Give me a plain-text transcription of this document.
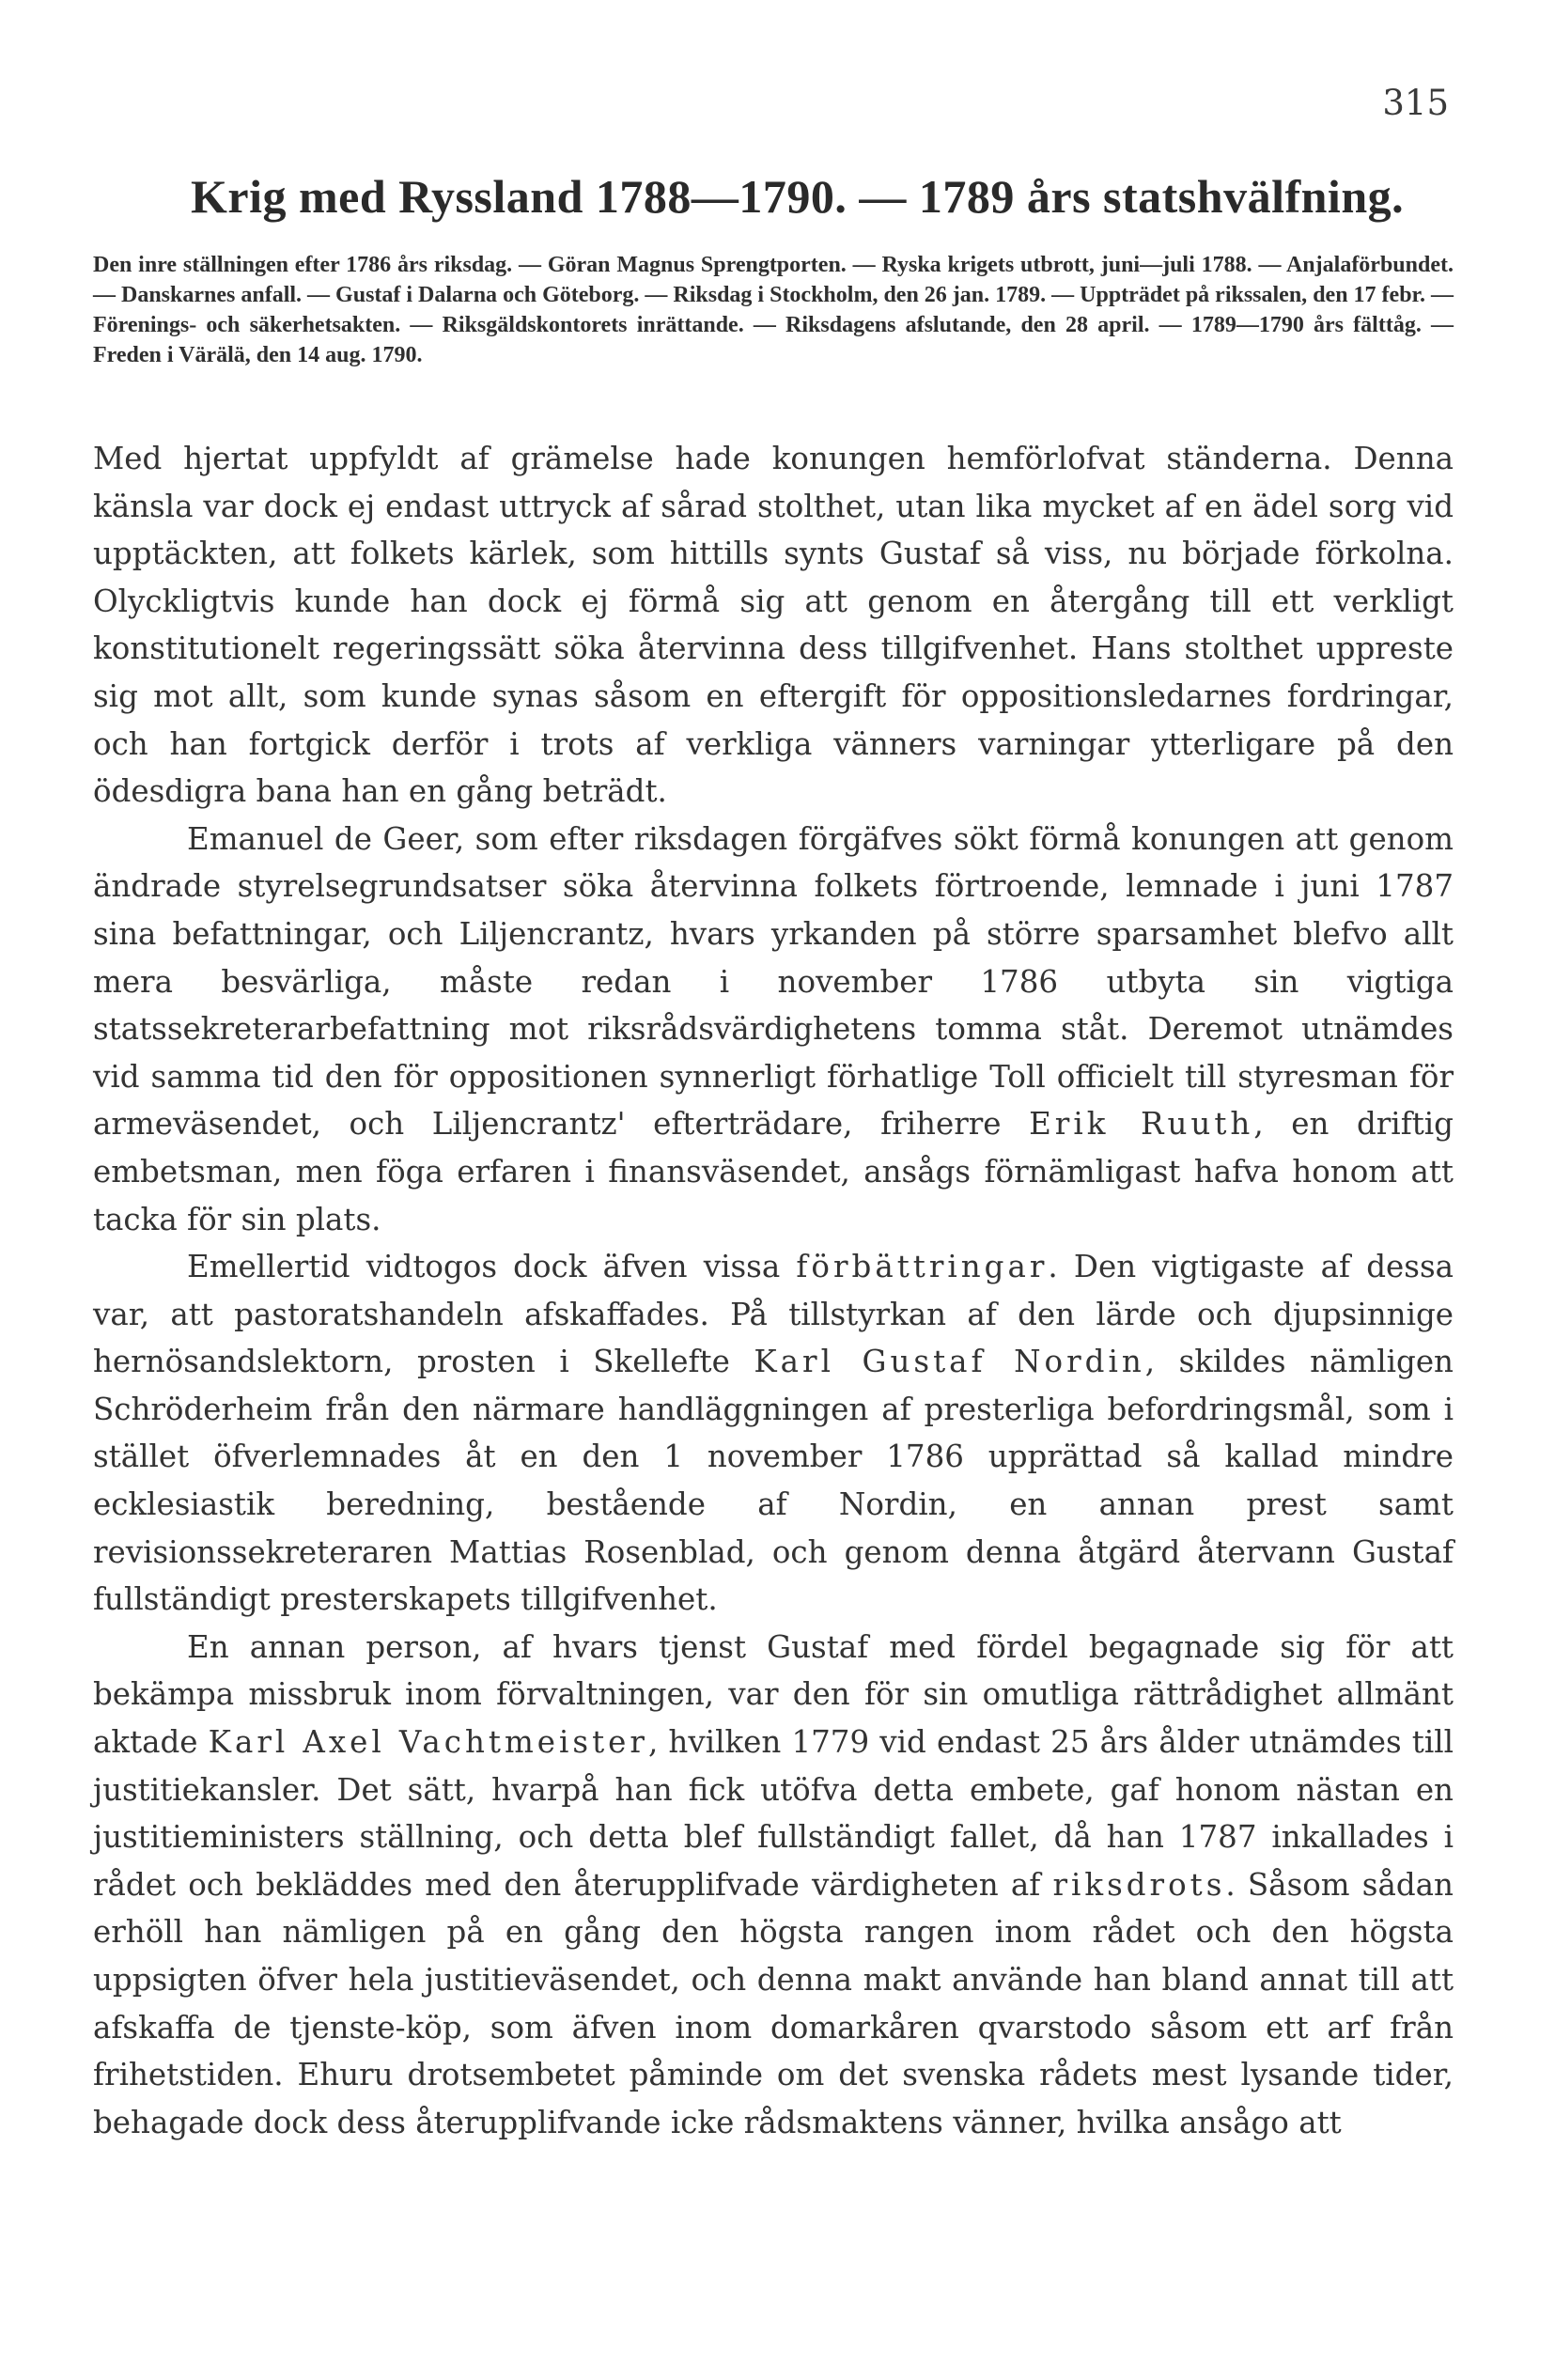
315
Krig med Ryssland 1788—1790. — 1789 års statshvälfning.
Den inre ställningen efter 1786 års riksdag. — Göran Magnus Sprengtporten. — Ryska krigets utbrott, juni—juli 1788. — Anjalaförbundet. — Danskarnes anfall. — Gustaf i Dalarna och Göteborg. — Riksdag i Stockholm, den 26 jan. 1789. — Uppträdet på rikssalen, den 17 febr. — Förenings- och säkerhetsakten. — Riksgäldskontorets inrättande. — Riksdagens afslutande, den 28 april. — 1789—1790 års fälttåg. — Freden i Värälä, den 14 aug. 1790.

Med hjertat uppfyldt af grämelse hade konungen hemförlofvat ständerna. Denna känsla var dock ej endast uttryck af sårad stolthet, utan lika mycket af en ädel sorg vid upptäckten, att folkets kärlek, som hittills synts Gustaf så viss, nu började förkolna. Olyckligtvis kunde han dock ej förmå sig att genom en återgång till ett verkligt konstitutionelt regeringssätt söka återvinna dess tillgifvenhet. Hans stolthet uppreste sig mot allt, som kunde synas såsom en eftergift för oppositionsledarnes fordringar, och han fortgick derför i trots af verkliga vänners varningar ytterligare på den ödesdigra bana han en gång beträdt.

Emanuel de Geer, som efter riksdagen förgäfves sökt förmå konungen att genom ändrade styrelsegrundsatser söka återvinna folkets förtroende, lemnade i juni 1787 sina befattningar, och Liljencrantz, hvars yrkanden på större sparsamhet blefvo allt mera besvärliga, måste redan i november 1786 utbyta sin vigtiga statssekreterarbefattning mot riksrådsvärdighetens tomma ståt. Deremot utnämdes vid samma tid den för oppositionen synnerligt förhatlige Toll officielt till styresman för armeväsendet, och Liljencrantz' efterträdare, friherre Erik Ruuth, en driftig embetsman, men föga erfaren i finansväsendet, ansågs förnämligast hafva honom att tacka för sin plats.

Emellertid vidtogos dock äfven vissa förbättringar. Den vigtigaste af dessa var, att pastoratshandeln afskaffades. På tillstyrkan af den lärde och djupsinnige hernösandslektorn, prosten i Skellefte Karl Gustaf Nordin, skildes nämligen Schröderheim från den närmare handläggningen af presterliga befordringsmål, som i stället öfverlemnades åt en den 1 november 1786 upprättad så kallad mindre ecklesiastik beredning, bestående af Nordin, en annan prest samt revisionssekreteraren Mattias Rosenblad, och genom denna åtgärd återvann Gustaf fullständigt presterskapets tillgifvenhet.

En annan person, af hvars tjenst Gustaf med fördel begagnade sig för att bekämpa missbruk inom förvaltningen, var den för sin omutliga rättrådighet allmänt aktade Karl Axel Vachtmeister, hvilken 1779 vid endast 25 års ålder utnämdes till justitiekansler. Det sätt, hvarpå han fick utöfva detta embete, gaf honom nästan en justitieministers ställning, och detta blef fullständigt fallet, då han 1787 inkallades i rådet och bekläddes med den återupplifvade värdigheten af riksdrots. Såsom sådan erhöll han nämligen på en gång den högsta rangen inom rådet och den högsta uppsigten öfver hela justitieväsendet, och denna makt använde han bland annat till att afskaffa de tjenste-köp, som äfven inom domarkåren qvarstodo såsom ett arf från frihetstiden. Ehuru drotsembetet påminde om det svenska rådets mest lysande tider, behagade dock dess återupplifvande icke rådsmaktens vänner, hvilka ansågo att
